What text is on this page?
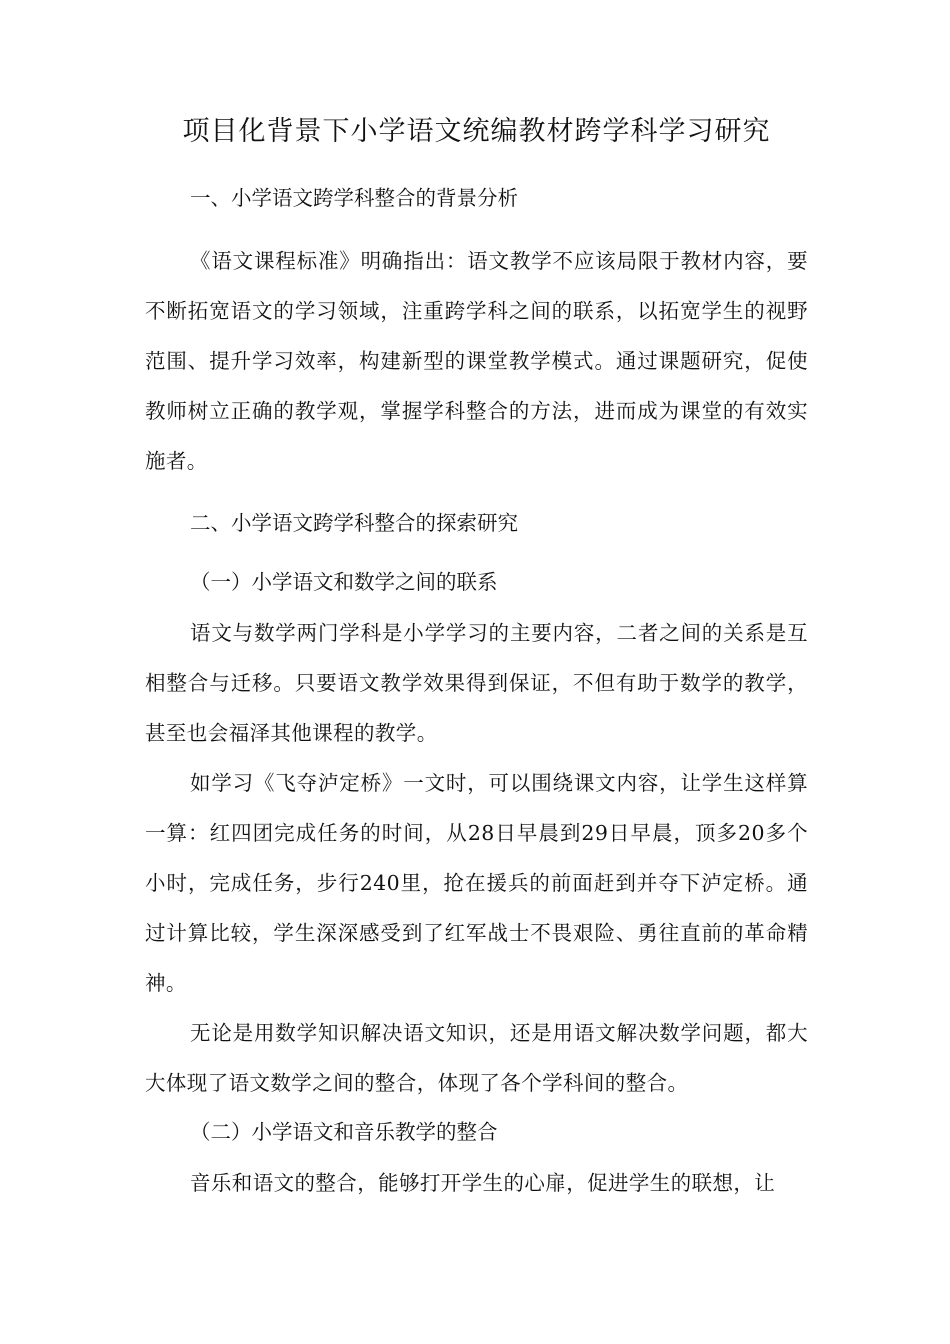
项目化背景下小学语文统编教材跨学科学习研究
一、小学语文跨学科整合的背景分析
《语文课程标准》明确指出：语文教学不应该局限于教材内容，要不断拓宽语文的学习领域，注重跨学科之间的联系，以拓宽学生的视野范围、提升学习效率，构建新型的课堂教学模式。通过课题研究，促使教师树立正确的教学观，掌握学科整合的方法，进而成为课堂的有效实施者。
二、小学语文跨学科整合的探索研究
（一）小学语文和数学之间的联系
语文与数学两门学科是小学学习的主要内容，二者之间的关系是互相整合与迁移。只要语文教学效果得到保证，不但有助于数学的教学，甚至也会福泽其他课程的教学。
如学习《飞夺泸定桥》一文时，可以围绕课文内容，让学生这样算一算：红四团完成任务的时间，从28日早晨到29日早晨，顶多20多个小时，完成任务，步行240里，抢在援兵的前面赶到并夺下泸定桥。通过计算比较，学生深深感受到了红军战士不畏艰险、勇往直前的革命精神。
无论是用数学知识解决语文知识，还是用语文解决数学问题，都大大体现了语文数学之间的整合，体现了各个学科间的整合。
（二）小学语文和音乐教学的整合
音乐和语文的整合，能够打开学生的心扉，促进学生的联想，让
